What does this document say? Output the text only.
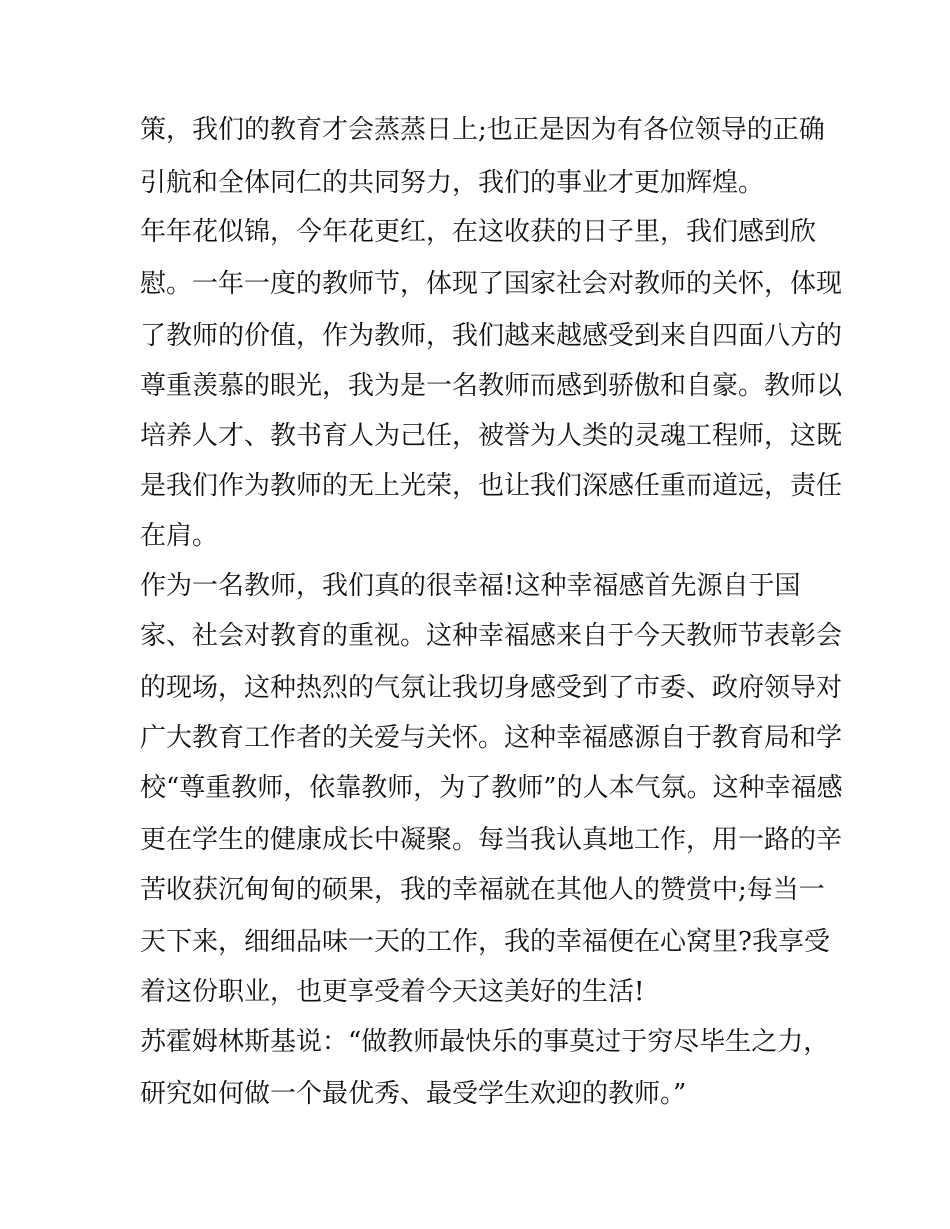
策，我们的教育才会蒸蒸日上;也正是因为有各位领导的正确
引航和全体同仁的共同努力，我们的事业才更加辉煌。
年年花似锦，今年花更红，在这收获的日子里，我们感到欣
慰。一年一度的教师节，体现了国家社会对教师的关怀，体现
了教师的价值，作为教师，我们越来越感受到来自四面八方的
尊重羡慕的眼光，我为是一名教师而感到骄傲和自豪。教师以
培养人才、教书育人为己任，被誉为人类的灵魂工程师，这既
是我们作为教师的无上光荣，也让我们深感任重而道远，责任
在肩。
作为一名教师，我们真的很幸福!这种幸福感首先源自于国
家、社会对教育的重视。这种幸福感来自于今天教师节表彰会
的现场，这种热烈的气氛让我切身感受到了市委、政府领导对
广大教育工作者的关爱与关怀。这种幸福感源自于教育局和学
校“尊重教师，依靠教师，为了教师”的人本气氛。这种幸福感
更在学生的健康成长中凝聚。每当我认真地工作，用一路的辛
苦收获沉甸甸的硕果，我的幸福就在其他人的赞赏中;每当一
天下来，细细品味一天的工作，我的幸福便在心窝里?我享受
着这份职业，也更享受着今天这美好的生活!
苏霍姆林斯基说：“做教师最快乐的事莫过于穷尽毕生之力，
研究如何做一个最优秀、最受学生欢迎的教师。”
